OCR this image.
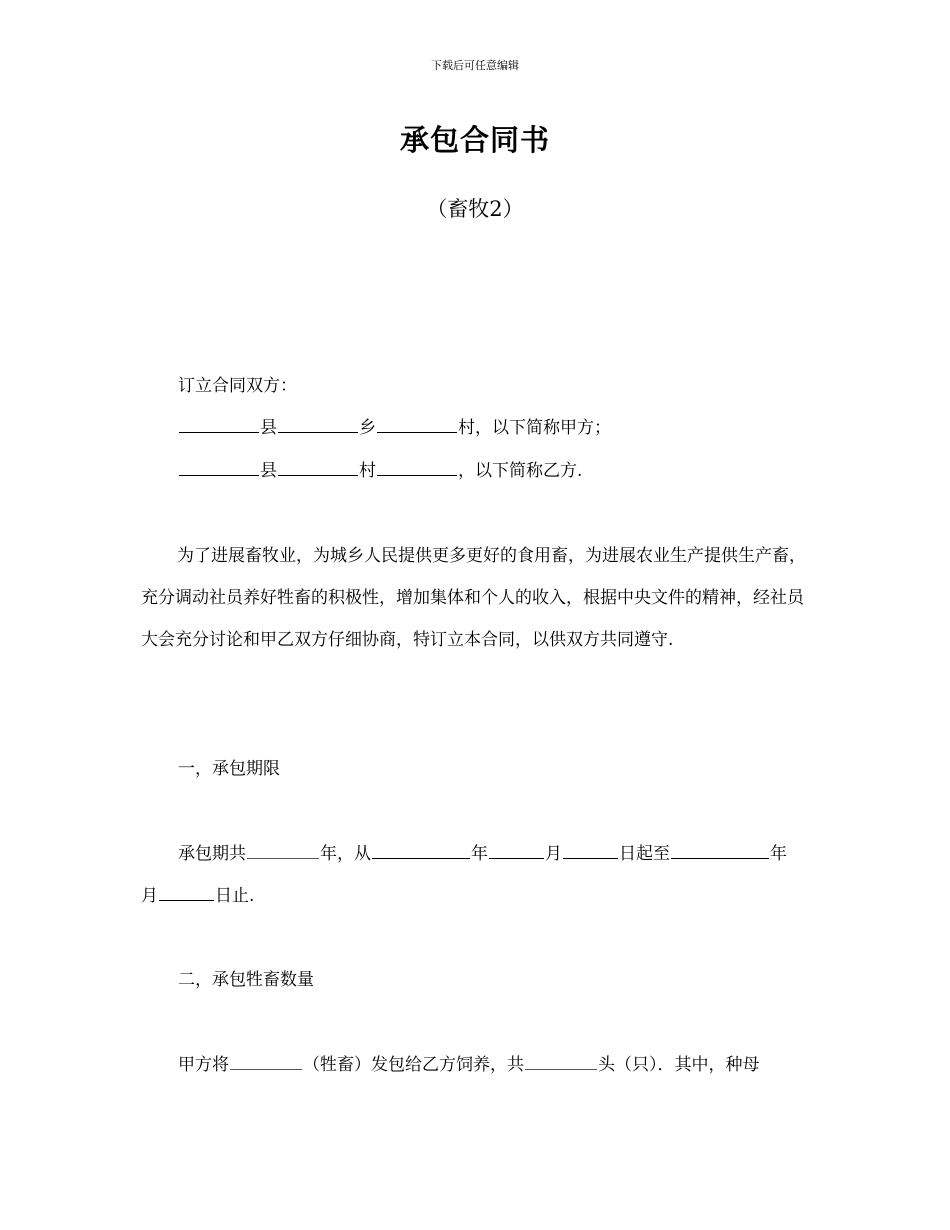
下载后可任意编辑
承包合同书
（畜牧2）
订立合同双方：
县	乡	村，以下简称甲方；
县	村	，以下简称乙方.
为了进展畜牧业，为城乡人民提供更多更好的食用畜，为进展农业生产提供生产畜，充分调动社员养好牲畜的积极性，增加集体和个人的收入，根据中央文件的精神，经社员大会充分讨论和甲乙双方仔细协商，特订立本合同，以供双方共同遵守.
一，承包期限
承包期共	年，从	年	月	日起至	年
月	日止.
二，承包牲畜数量
甲方将	（牲畜）发包给乙方饲养，共	头（只）．其中，种母
